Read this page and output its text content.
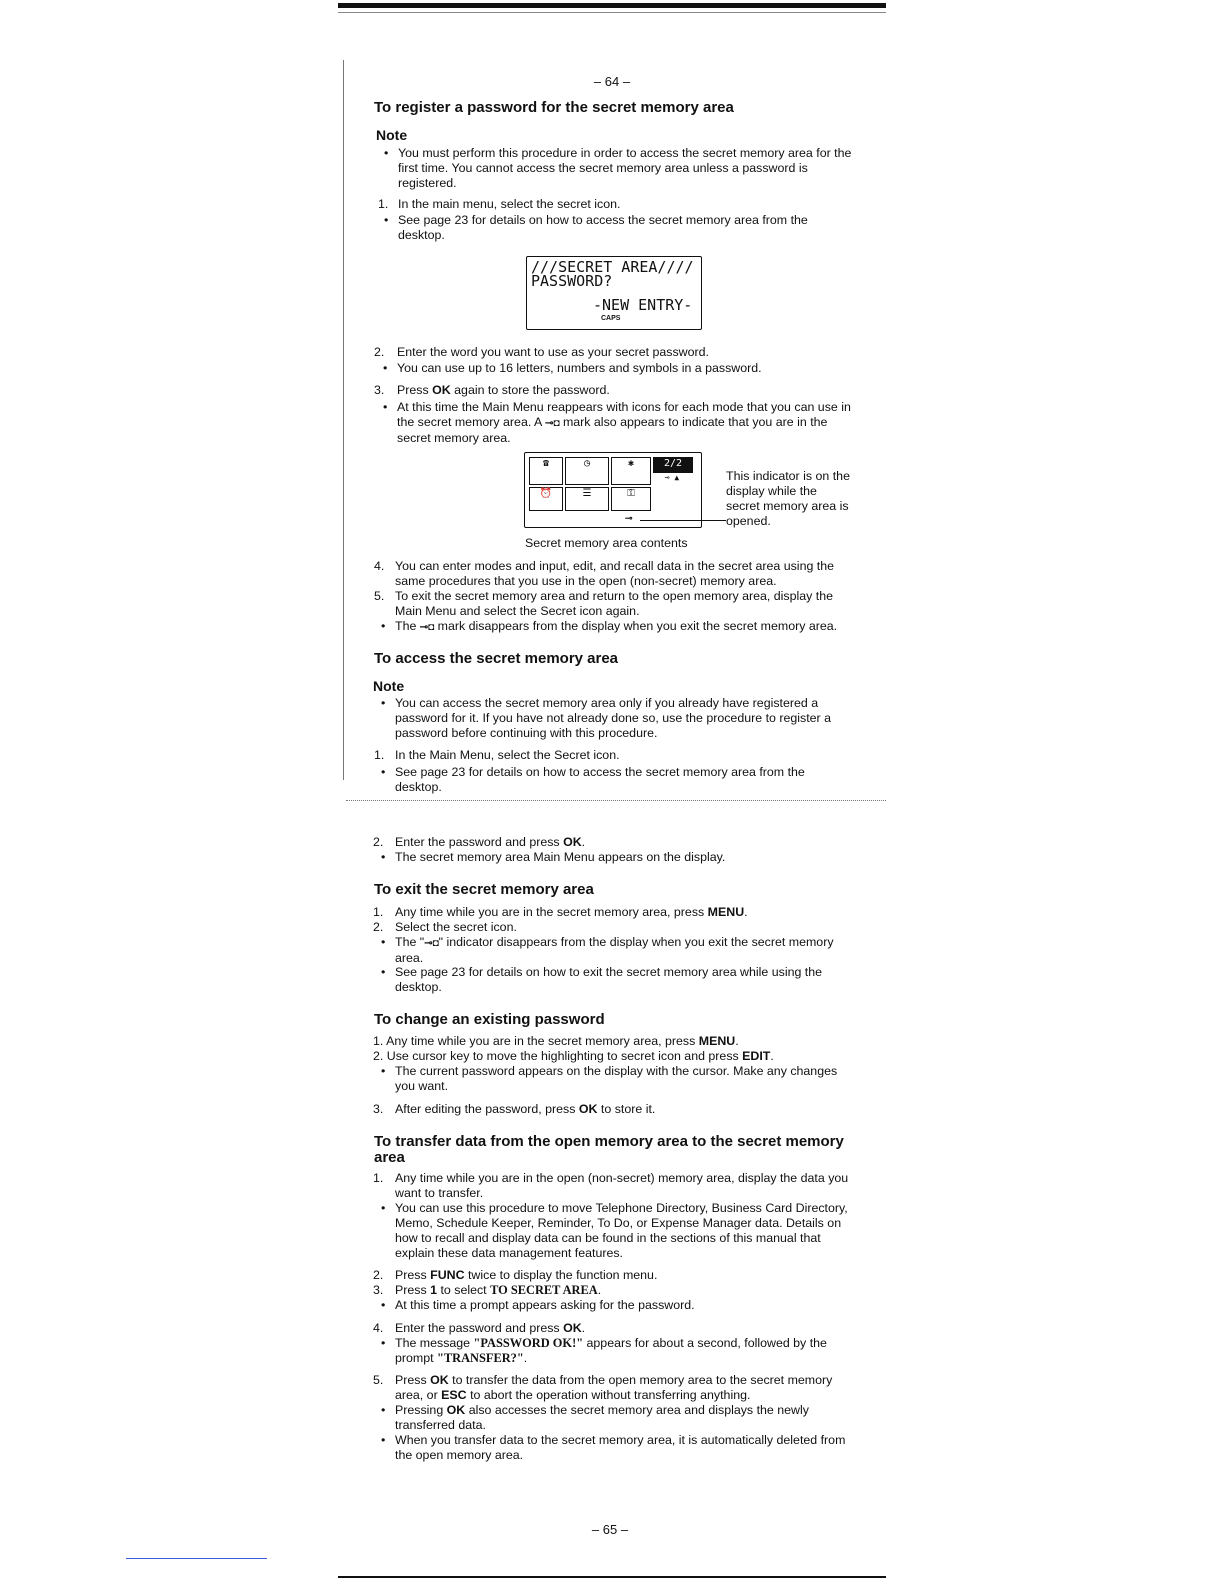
– 64 –
To register a password for the secret memory area
Note
• You must perform this procedure in order to access the secret memory area for the first time. You cannot access the secret memory area unless a password is registered.
1. In the main menu, select the secret icon.
• See page 23 for details on how to access the secret memory area from the desktop.
///SECRET AREA////
PASSWORD?
-NEW ENTRY-
CAPS
2. Enter the word you want to use as your secret password.
• You can use up to 16 letters, numbers and symbols in a password.
3. Press OK again to store the password.
• At this time the Main Menu reappears with icons for each mode that you can use in the secret memory area. A ⊸◘ mark also appears to indicate that you are in the secret memory area.
☎	◷	✱	2/2
⊸ ▲
⏰	☰	⚿
⊸
This indicator is on the display while the secret memory area is opened.
Secret memory area contents
4. You can enter modes and input, edit, and recall data in the secret area using the same procedures that you use in the open (non-secret) memory area.
5. To exit the secret memory area and return to the open memory area, display the Main Menu and select the Secret icon again.
• The ⊸◘ mark disappears from the display when you exit the secret memory area.
To access the secret memory area
Note
• You can access the secret memory area only if you already have registered a password for it. If you have not already done so, use the procedure to register a password before continuing with this procedure.
1. In the Main Menu, select the Secret icon.
• See page 23 for details on how to access the secret memory area from the desktop.
2. Enter the password and press OK.
• The secret memory area Main Menu appears on the display.
To exit the secret memory area
1. Any time while you are in the secret memory area, press MENU.
2. Select the secret icon.
• The "⊸◘" indicator disappears from the display when you exit the secret memory area.
• See page 23 for details on how to exit the secret memory area while using the desktop.
To change an existing password
1. Any time while you are in the secret memory area, press MENU.
2. Use cursor key to move the highlighting to secret icon and press EDIT.
• The current password appears on the display with the cursor. Make any changes you want.
3. After editing the password, press OK to store it.
To transfer data from the open memory area to the secret memory area
1. Any time while you are in the open (non-secret) memory area, display the data you want to transfer.
• You can use this procedure to move Telephone Directory, Business Card Directory, Memo, Schedule Keeper, Reminder, To Do, or Expense Manager data. Details on how to recall and display data can be found in the sections of this manual that explain these data management features.
2. Press FUNC twice to display the function menu.
3. Press 1 to select TO SECRET AREA.
• At this time a prompt appears asking for the password.
4. Enter the password and press OK.
• The message "PASSWORD OK!" appears for about a second, followed by the prompt "TRANSFER?".
5. Press OK to transfer the data from the open memory area to the secret memory area, or ESC to abort the operation without transferring anything.
• Pressing OK also accesses the secret memory area and displays the newly transferred data.
• When you transfer data to the secret memory area, it is automatically deleted from the open memory area.
– 65 –
